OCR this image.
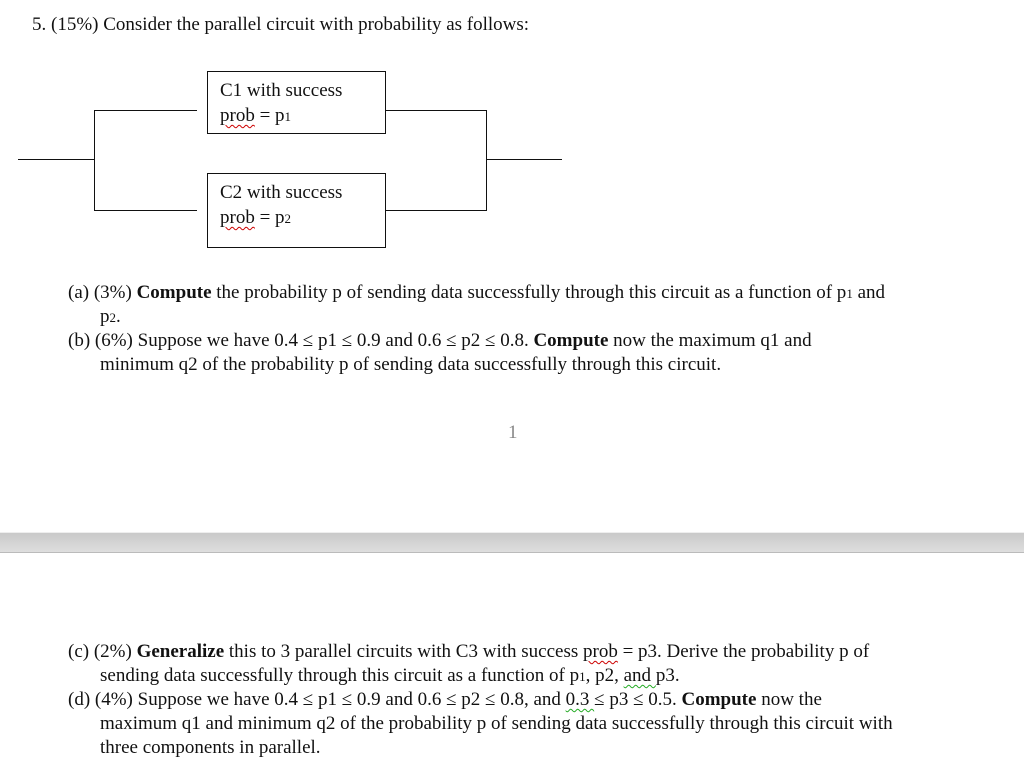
5. (15%) Consider the parallel circuit with probability as follows:
C1 with success
prob = p1
C2 with success
prob = p2
(a) (3%) Compute the probability p of sending data successfully through this circuit as a function of p1 and
p2.
(b) (6%) Suppose we have 0.4 ≤ p1 ≤ 0.9 and 0.6 ≤ p2 ≤ 0.8. Compute now the maximum q1 and
minimum q2 of the probability p of sending data successfully through this circuit.
1
(c) (2%) Generalize this to 3 parallel circuits with C3 with success prob = p3. Derive the probability p of
sending data successfully through this circuit as a function of p1, p2, and p3.
(d) (4%) Suppose we have 0.4 ≤ p1 ≤ 0.9 and 0.6 ≤ p2 ≤ 0.8, and 0.3 ≤ p3 ≤ 0.5. Compute now the
maximum q1 and minimum q2 of the probability p of sending data successfully through this circuit with
three components in parallel.
